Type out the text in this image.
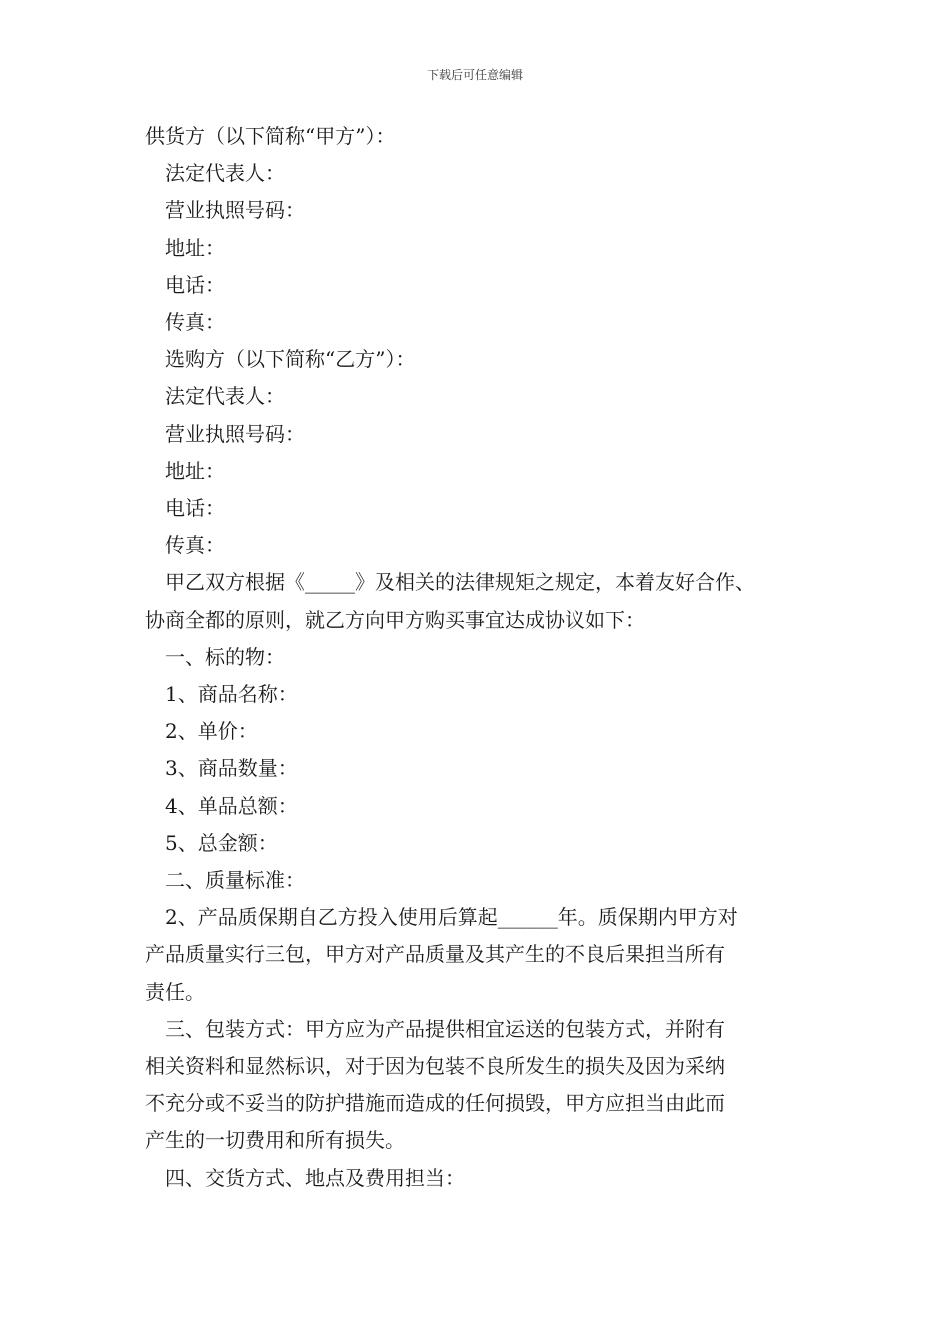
下载后可任意编辑
供货方（以下简称“甲方”）：
法定代表人：
营业执照号码：
地址：
电话：
传真：
选购方（以下简称“乙方”）：
法定代表人：
营业执照号码：
地址：
电话：
传真：
甲乙双方根据《_____》及相关的法律规矩之规定，本着友好合作、
协商全都的原则，就乙方向甲方购买事宜达成协议如下：
一、标的物：
1、商品名称：
2、单价：
3、商品数量：
4、单品总额：
5、总金额：
二、质量标准：
2、产品质保期自乙方投入使用后算起______年。质保期内甲方对
产品质量实行三包，甲方对产品质量及其产生的不良后果担当所有
责任。
三、包装方式：甲方应为产品提供相宜运送的包装方式，并附有
相关资料和显然标识，对于因为包装不良所发生的损失及因为采纳
不充分或不妥当的防护措施而造成的任何损毁，甲方应担当由此而
产生的一切费用和所有损失。
四、交货方式、地点及费用担当：
